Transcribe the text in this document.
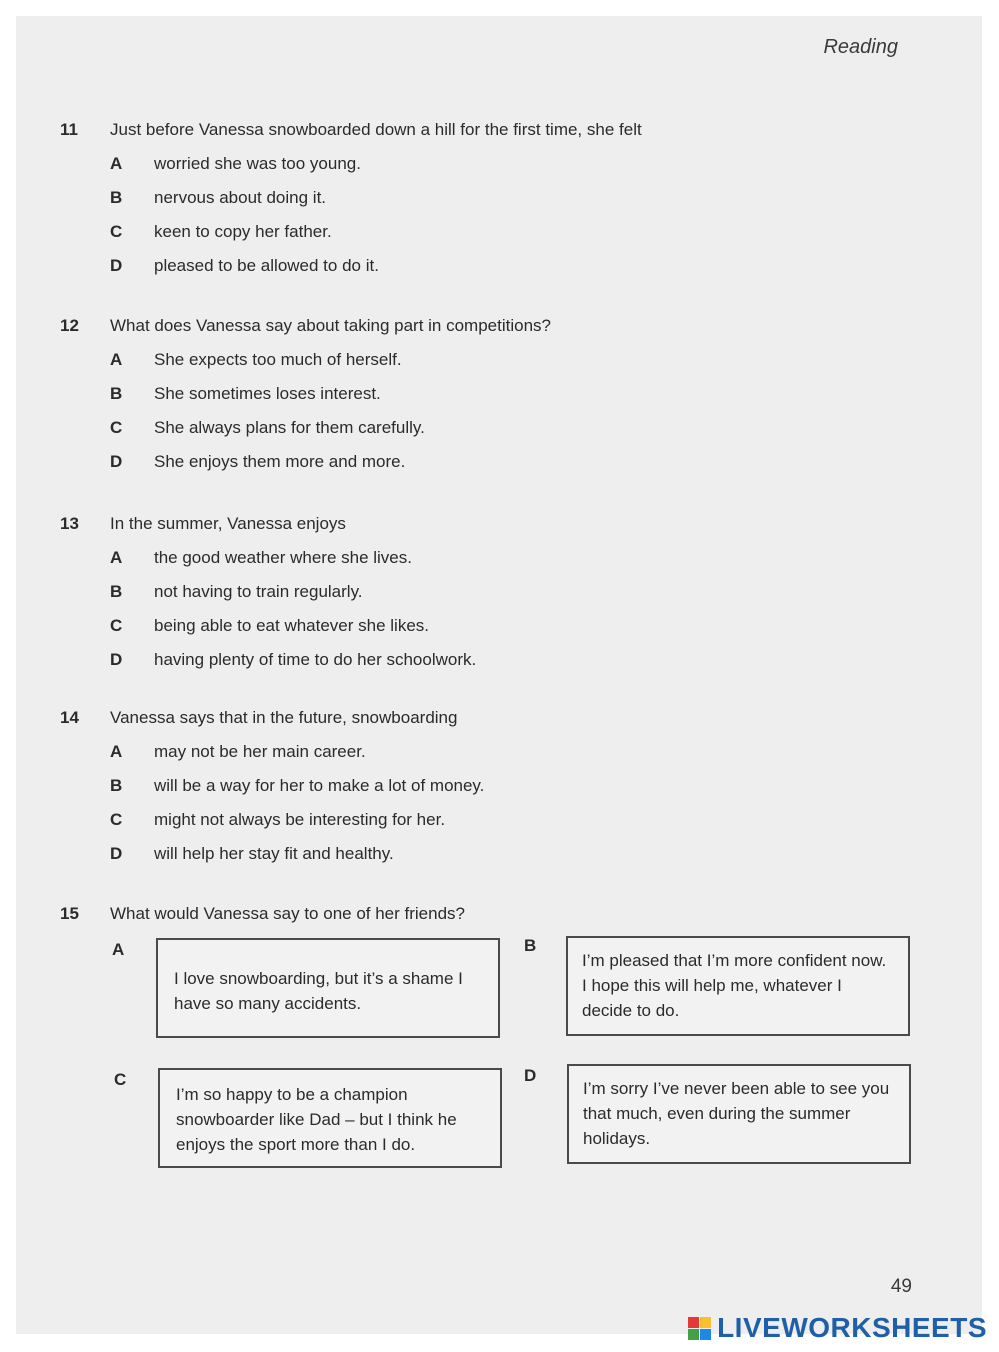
Reading
11	Just before Vanessa snowboarded down a hill for the first time, she felt
A	worried she was too young.
B	nervous about doing it.
C	keen to copy her father.
D	pleased to be allowed to do it.
12	What does Vanessa say about taking part in competitions?
A	She expects too much of herself.
B	She sometimes loses interest.
C	She always plans for them carefully.
D	She enjoys them more and more.
13	In the summer, Vanessa enjoys
A	the good weather where she lives.
B	not having to train regularly.
C	being able to eat whatever she likes.
D	having plenty of time to do her schoolwork.
14	Vanessa says that in the future, snowboarding
A	may not be her main career.
B	will be a way for her to make a lot of money.
C	might not always be interesting for her.
D	will help her stay fit and healthy.
15	What would Vanessa say to one of her friends?
A
I love snowboarding, but it’s a shame I have so many accidents.
B
I’m pleased that I’m more confident now. I hope this will help me, whatever I decide to do.
C
I’m so happy to be a champion snowboarder like Dad – but I think he enjoys the sport more than I do.
D
I’m sorry I’ve never been able to see you that much, even during the summer holidays.
49
LIVEWORKSHEETS
